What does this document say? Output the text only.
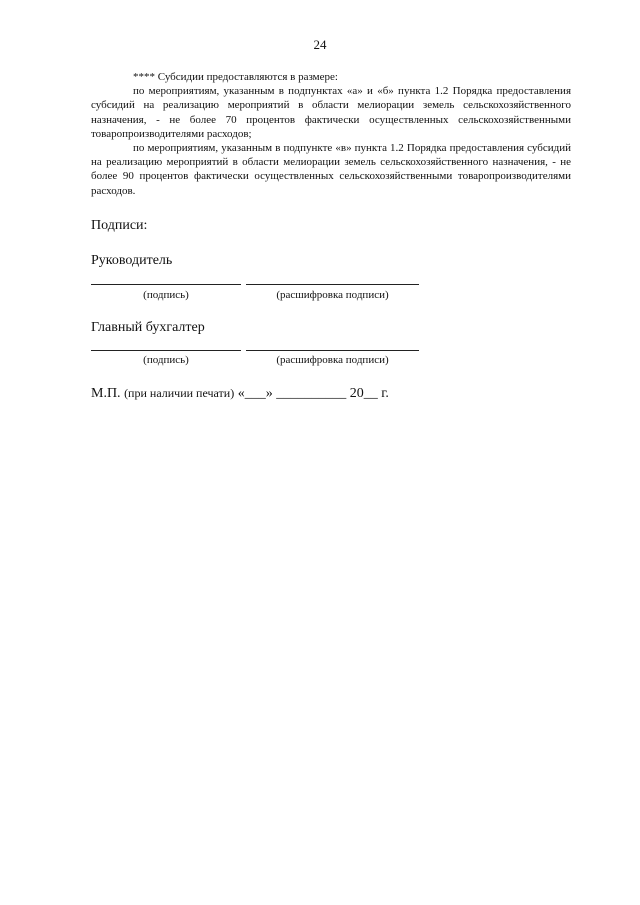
24

**** Субсидии предоставляются в размере:

по мероприятиям, указанным в подпунктах «а» и «б» пункта 1.2 Порядка предоставления субсидий на реализацию мероприятий в области мелиорации земель сельскохозяйственного назначения, - не более 70 процентов фактически осуществленных сельскохозяйственными товаропроизводителями расходов;

по мероприятиям, указанным в подпункте «в» пункта 1.2 Порядка предоставления субсидий на реализацию мероприятий в области мелиорации земель сельскохозяйственного назначения, - не более 90 процентов фактически осуществленных сельскохозяйственными товаропроизводителями расходов.

Подписи:
Руководитель
(подпись)	(расшифровка подписи)
Главный бухгалтер
(подпись)	(расшифровка подписи)
М.П. (при наличии печати) «___» __________ 20__ г.
